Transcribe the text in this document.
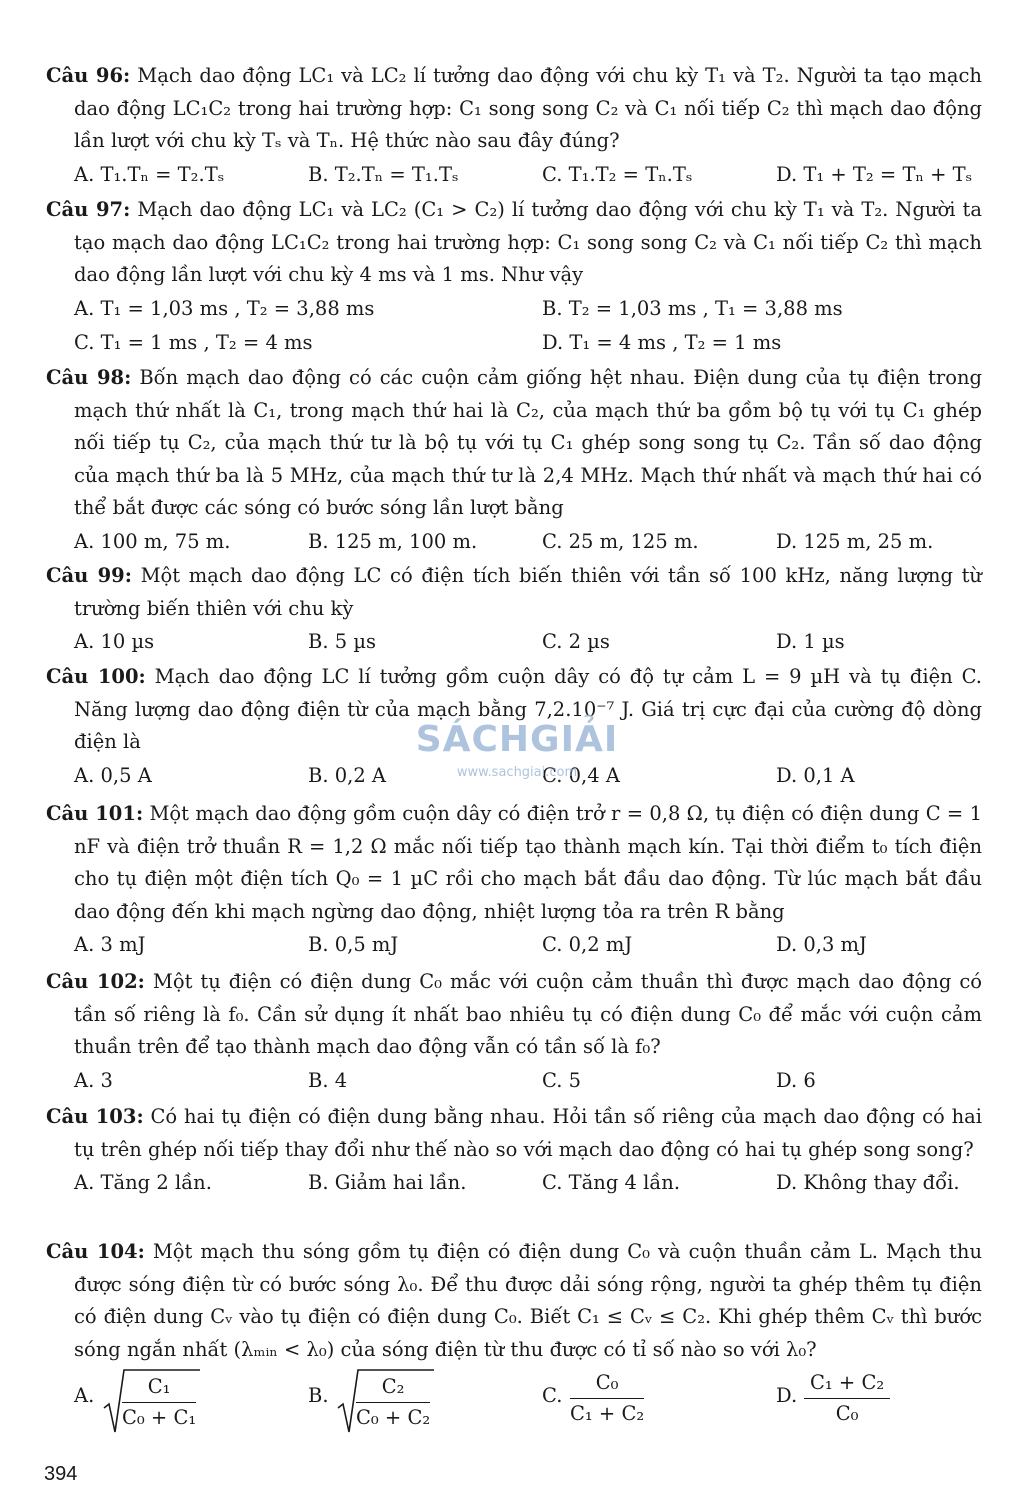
Câu 96: Mạch dao động LC₁ và LC₂ lí tưởng dao động với chu kỳ T₁ và T₂. Người ta tạo mạch dao động LC₁C₂ trong hai trường hợp: C₁ song song C₂ và C₁ nối tiếp C₂ thì mạch dao động lần lượt với chu kỳ Tₛ và Tₙ. Hệ thức nào sau đây đúng?
A. T₁.Tₙ = T₂.Tₛ	B. T₂.Tₙ = T₁.Tₛ	C. T₁.T₂ = Tₙ.Tₛ	D. T₁ + T₂ = Tₙ + Tₛ
Câu 97: Mạch dao động LC₁ và LC₂ (C₁ > C₂) lí tưởng dao động với chu kỳ T₁ và T₂. Người ta tạo mạch dao động LC₁C₂ trong hai trường hợp: C₁ song song C₂ và C₁ nối tiếp C₂ thì mạch dao động lần lượt với chu kỳ 4 ms và 1 ms. Như vậy
A. T₁ = 1,03 ms , T₂ = 3,88 ms	B. T₂ = 1,03 ms , T₁ = 3,88 ms
C. T₁ = 1 ms , T₂ = 4 ms	D. T₁ = 4 ms , T₂ = 1 ms
Câu 98: Bốn mạch dao động có các cuộn cảm giống hệt nhau. Điện dung của tụ điện trong mạch thứ nhất là C₁, trong mạch thứ hai là C₂, của mạch thứ ba gồm bộ tụ với tụ C₁ ghép nối tiếp tụ C₂, của mạch thứ tư là bộ tụ với tụ C₁ ghép song song tụ C₂. Tần số dao động của mạch thứ ba là 5 MHz, của mạch thứ tư là 2,4 MHz. Mạch thứ nhất và mạch thứ hai có thể bắt được các sóng có bước sóng lần lượt bằng
A. 100 m, 75 m.	B. 125 m, 100 m.	C. 25 m, 125 m.	D. 125 m, 25 m.
Câu 99: Một mạch dao động LC có điện tích biến thiên với tần số 100 kHz, năng lượng từ trường biến thiên với chu kỳ
A. 10 µs	B. 5 µs	C. 2 µs	D. 1 µs
Câu 100: Mạch dao động LC lí tưởng gồm cuộn dây có độ tự cảm L = 9 µH và tụ điện C. Năng lượng dao động điện từ của mạch bằng 7,2.10⁻⁷ J. Giá trị cực đại của cường độ dòng điện là
A. 0,5 A	B. 0,2 A	C. 0,4 A	D. 0,1 A
Câu 101: Một mạch dao động gồm cuộn dây có điện trở r = 0,8 Ω, tụ điện có điện dung C = 1 nF và điện trở thuần R = 1,2 Ω mắc nối tiếp tạo thành mạch kín. Tại thời điểm t₀ tích điện cho tụ điện một điện tích Q₀ = 1 µC rồi cho mạch bắt đầu dao động. Từ lúc mạch bắt đầu dao động đến khi mạch ngừng dao động, nhiệt lượng tỏa ra trên R bằng
A. 3 mJ	B. 0,5 mJ	C. 0,2 mJ	D. 0,3 mJ
Câu 102: Một tụ điện có điện dung C₀ mắc với cuộn cảm thuần thì được mạch dao động có tần số riêng là f₀. Cần sử dụng ít nhất bao nhiêu tụ có điện dung C₀ để mắc với cuộn cảm thuần trên để tạo thành mạch dao động vẫn có tần số là f₀?
A. 3	B. 4	C. 5	D. 6
Câu 103: Có hai tụ điện có điện dung bằng nhau. Hỏi tần số riêng của mạch dao động có hai tụ trên ghép nối tiếp thay đổi như thế nào so với mạch dao động có hai tụ ghép song song?
A. Tăng 2 lần.	B. Giảm hai lần.	C. Tăng 4 lần.	D. Không thay đổi.
Câu 104: Một mạch thu sóng gồm tụ điện có điện dung C₀ và cuộn thuần cảm L. Mạch thu được sóng điện từ có bước sóng λ₀. Để thu được dải sóng rộng, người ta ghép thêm tụ điện có điện dung Cᵥ vào tụ điện có điện dung C₀. Biết C₁ ≤ Cᵥ ≤ C₂. Khi ghép thêm Cᵥ thì bước sóng ngắn nhất (λₘᵢₙ < λ₀) của sóng điện từ thu được có tỉ số nào so với λ₀?
A. $\frac{\text{C₁}}{\text{C₀ + C₁}}$	B. $\frac{\text{C₂}}{\text{C₀ + C₂}}$	C. $\frac{\text{C₀}}{\text{C₁ + C₂}}$	D. $\frac{\text{C₁ + C₂}}{\text{C₀}}$
SÁCHGIẢI
www.sachgiai.com
394
